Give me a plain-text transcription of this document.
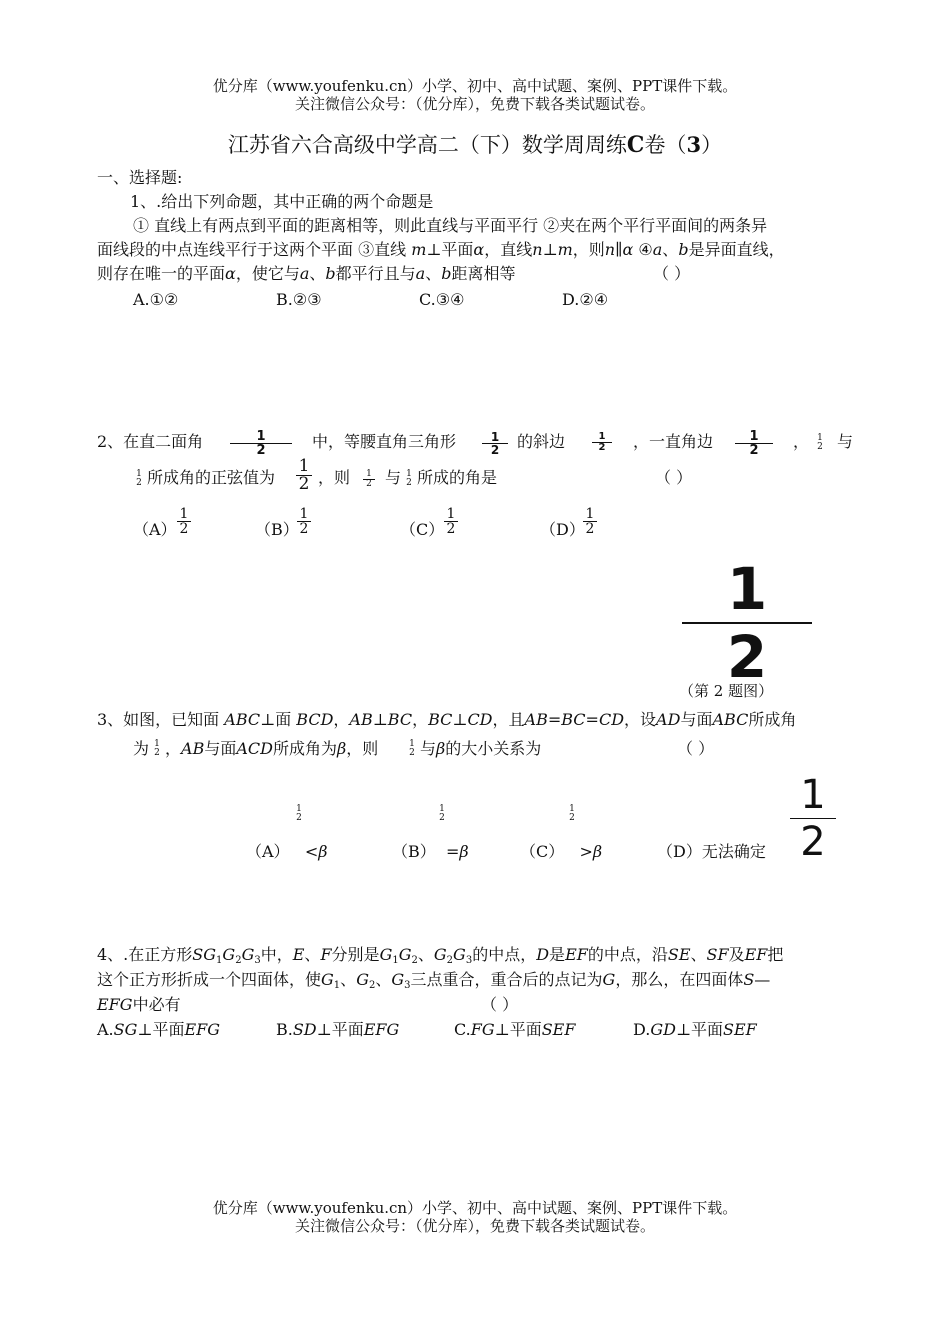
优分库（www.youfenku.cn）小学、初中、高中试题、案例、PPT课件下载。
关注微信公众号：（优分库），免费下载各类试题试卷。
江苏省六合高级中学高二（下）数学周周练C卷（3）
一、选择题:
1、.给出下列命题，其中正确的两个命题是
① 直线上有两点到平面的距离相等，则此直线与平面平行 ②夹在两个平行平面间的两条异
面线段的中点连线平行于这两个平面 ③直线 m⊥平面α，直线n⊥m，则n∥α ④a、b是异面直线，
则存在唯一的平面α，使它与a、b都平行且与a、b距离相等	（ ）
A.①②	B.②③	C.③④	D.②④
2、在直二面角	1
2	中，等腰直角三角形	1
2 的斜边	1
2 ，一直角边	1
2 ， 1
2 与
1
2 所成角的正弦值为
1
2 ，则 1
2 与 1
2 所成的角是	（ ）
（A）
1
2	（B）
1
2	（C）
1
2	（D）
1
2
1
2
（第 2 题图）
3、如图，已知面 ABC⊥面 BCD，AB⊥BC，BC⊥CD，且AB=BC=CD，设AD与面ABC所成角
为 1
2 ，AB与面ACD所成角为β，则	1
2 与β的大小关系为	（ ）
1
2
1
2
1
2
（A） <β	（B） =β	（C） >β	（D）无法确定
1
2
4、.在正方形$SG_1G_2G_3$中，E、F分别是$G_1G_2$、$G_2G_3$的中点，D是EF的中点，沿SE、SF及EF把
这个正方形折成一个四面体，使$G_1$、$G_2$、$G_3$三点重合，重合后的点记为G，那么，在四面体S—
EFG中必有	（ ）
A.SG⊥平面EFG	B.SD⊥平面EFG	C.FG⊥平面SEF	D.GD⊥平面SEF
优分库（www.youfenku.cn）小学、初中、高中试题、案例、PPT课件下载。
关注微信公众号：（优分库），免费下载各类试题试卷。
